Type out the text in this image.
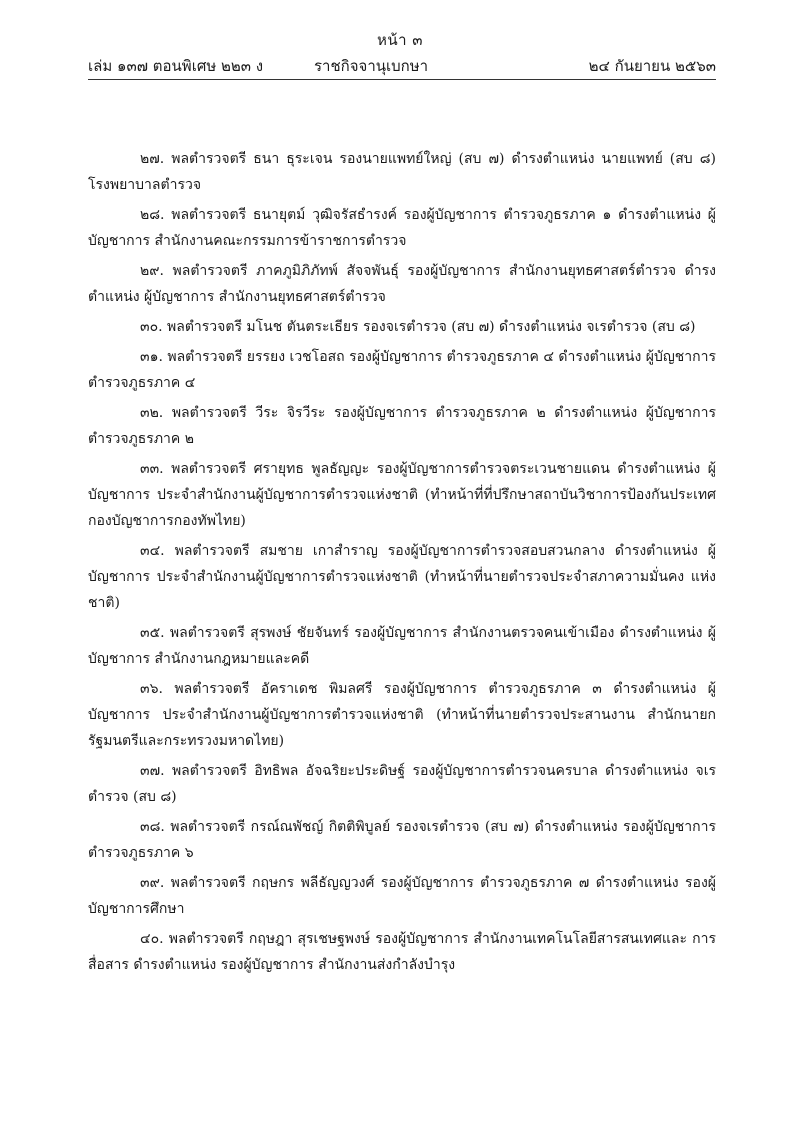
หน้า ๓
เล่ม ๑๓๗ ตอนพิเศษ ๒๒๓ ง	ราชกิจจานุเบกษา	๒๔ กันยายน ๒๕๖๓

๒๗. พลตำรวจตรี ธนา ธุระเจน รองนายแพทย์ใหญ่ (สบ ๗) ดำรงตำแหน่ง นายแพทย์ (สบ ๘) โรงพยาบาลตำรวจ

๒๘. พลตำรวจตรี ธนายุตม์ วุฒิจรัสธำรงค์ รองผู้บัญชาการ ตำรวจภูธรภาค ๑ ดำรงตำแหน่ง ผู้บัญชาการ สำนักงานคณะกรรมการข้าราชการตำรวจ

๒๙. พลตำรวจตรี ภาคภูมิภิภัทพ์ สัจจพันธุ์ รองผู้บัญชาการ สำนักงานยุทธศาสตร์ตำรวจ ดำรงตำแหน่ง ผู้บัญชาการ สำนักงานยุทธศาสตร์ตำรวจ

๓๐. พลตำรวจตรี มโนช ตันตระเธียร รองจเรตำรวจ (สบ ๗) ดำรงตำแหน่ง จเรตำรวจ (สบ ๘)

๓๑. พลตำรวจตรี ยรรยง เวชโอสถ รองผู้บัญชาการ ตำรวจภูธรภาค ๔ ดำรงตำแหน่ง ผู้บัญชาการ ตำรวจภูธรภาค ๔

๓๒. พลตำรวจตรี วีระ จิรวีระ รองผู้บัญชาการ ตำรวจภูธรภาค ๒ ดำรงตำแหน่ง ผู้บัญชาการ ตำรวจภูธรภาค ๒

๓๓. พลตำรวจตรี ศรายุทธ พูลธัญญะ รองผู้บัญชาการตำรวจตระเวนชายแดน ดำรงตำแหน่ง ผู้บัญชาการ ประจำสำนักงานผู้บัญชาการตำรวจแห่งชาติ (ทำหน้าที่ที่ปรึกษาสถาบันวิชาการป้องกันประเทศ กองบัญชาการกองทัพไทย)

๓๔. พลตำรวจตรี สมชาย เกาสำราญ รองผู้บัญชาการตำรวจสอบสวนกลาง ดำรงตำแหน่ง ผู้บัญชาการ ประจำสำนักงานผู้บัญชาการตำรวจแห่งชาติ (ทำหน้าที่นายตำรวจประจำสภาความมั่นคง แห่งชาติ)

๓๕. พลตำรวจตรี สุรพงษ์ ชัยจันทร์ รองผู้บัญชาการ สำนักงานตรวจคนเข้าเมือง ดำรงตำแหน่ง ผู้บัญชาการ สำนักงานกฎหมายและคดี

๓๖. พลตำรวจตรี อัคราเดช พิมลศรี รองผู้บัญชาการ ตำรวจภูธรภาค ๓ ดำรงตำแหน่ง ผู้บัญชาการ ประจำสำนักงานผู้บัญชาการตำรวจแห่งชาติ (ทำหน้าที่นายตำรวจประสานงาน สำนักนายกรัฐมนตรีและกระทรวงมหาดไทย)

๓๗. พลตำรวจตรี อิทธิพล อัจฉริยะประดิษฐ์ รองผู้บัญชาการตำรวจนครบาล ดำรงตำแหน่ง จเรตำรวจ (สบ ๘)

๓๘. พลตำรวจตรี กรณ์ณพัชญ์ กิตติพิบูลย์ รองจเรตำรวจ (สบ ๗) ดำรงตำแหน่ง รองผู้บัญชาการ ตำรวจภูธรภาค ๖

๓๙. พลตำรวจตรี กฤษกร พลีธัญญวงศ์ รองผู้บัญชาการ ตำรวจภูธรภาค ๗ ดำรงตำแหน่ง รองผู้บัญชาการศึกษา

๔๐. พลตำรวจตรี กฤษฎา สุรเชษฐพงษ์ รองผู้บัญชาการ สำนักงานเทคโนโลยีสารสนเทศและ การสื่อสาร ดำรงตำแหน่ง รองผู้บัญชาการ สำนักงานส่งกำลังบำรุง
